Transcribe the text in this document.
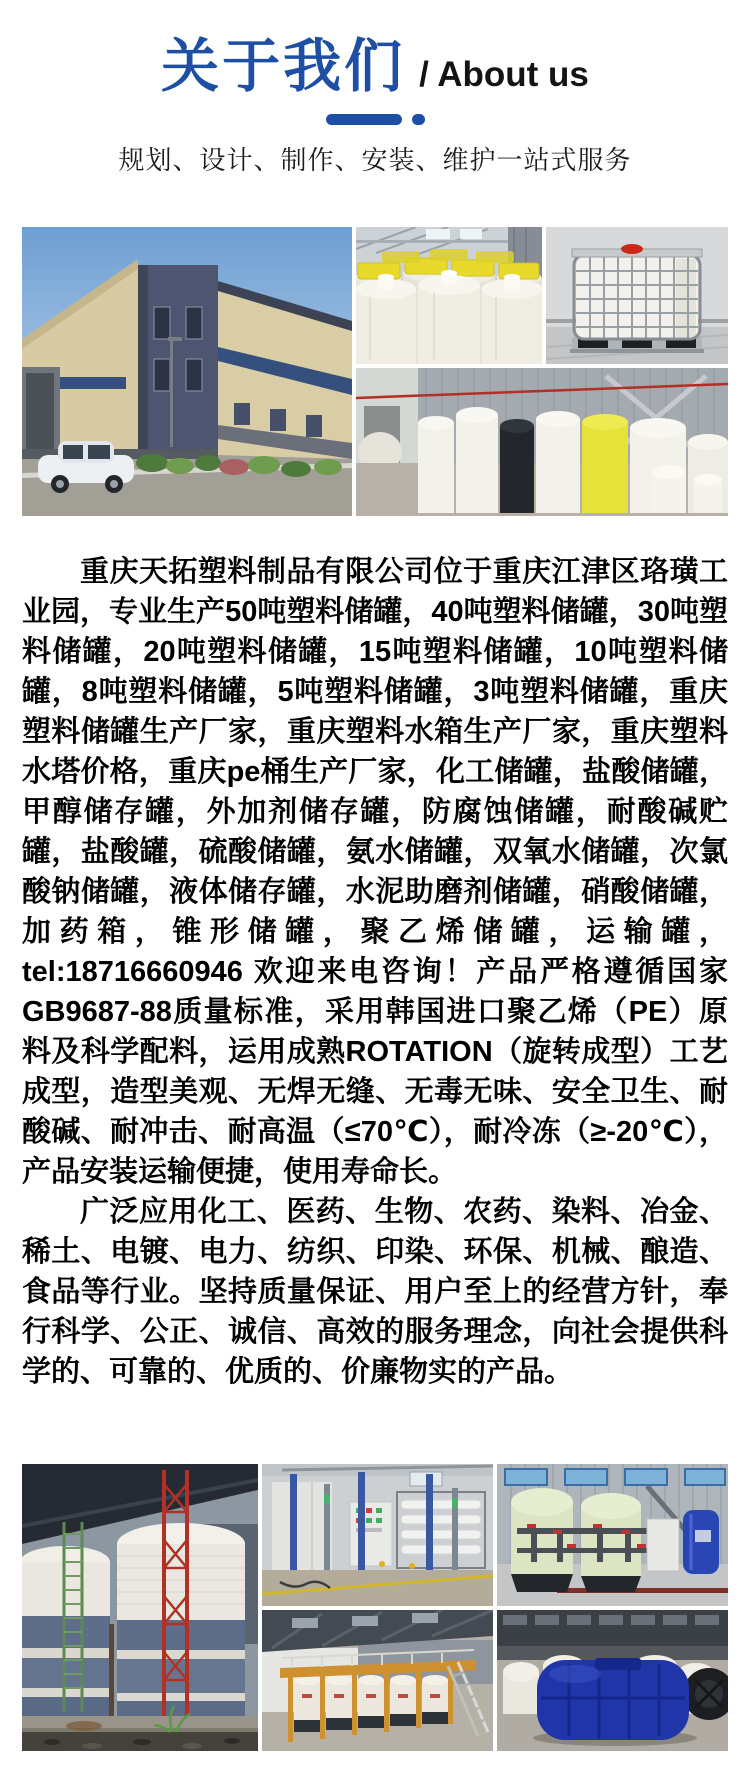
关于我们 / About us
规划、设计、制作、安装、维护一站式服务

重庆天拓塑料制品有限公司位于重庆江津区珞璜工业园，专业生产50吨塑料储罐，40吨塑料储罐，30吨塑料储罐，20吨塑料储罐，15吨塑料储罐，10吨塑料储罐，8吨塑料储罐，5吨塑料储罐，3吨塑料储罐，重庆塑料储罐生产厂家，重庆塑料水箱生产厂家，重庆塑料水塔价格，重庆pe桶生产厂家，化工储罐，盐酸储罐，甲醇储存罐，外加剂储存罐，防腐蚀储罐，耐酸碱贮罐，盐酸罐，硫酸储罐，氨水储罐，双氧水储罐，次氯酸钠储罐，液体储存罐，水泥助磨剂储罐，硝酸储罐，加药箱，锥形储罐，聚乙烯储罐，运输罐，tel:18716660946 欢迎来电咨询！产品严格遵循国家GB9687-88质量标准，采用韩国进口聚乙烯（PE）原料及科学配料，运用成熟ROTATION（旋转成型）工艺成型，造型美观、无焊无缝、无毒无味、安全卫生、耐酸碱、耐冲击、耐高温（≤70℃），耐冷冻（≥-20℃），产品安装运输便捷，使用寿命长。

广泛应用化工、医药、生物、农药、染料、冶金、稀土、电镀、电力、纺织、印染、环保、机械、酿造、食品等行业。坚持质量保证、用户至上的经营方针，奉行科学、公正、诚信、高效的服务理念，向社会提供科学的、可靠的、优质的、价廉物实的产品。
